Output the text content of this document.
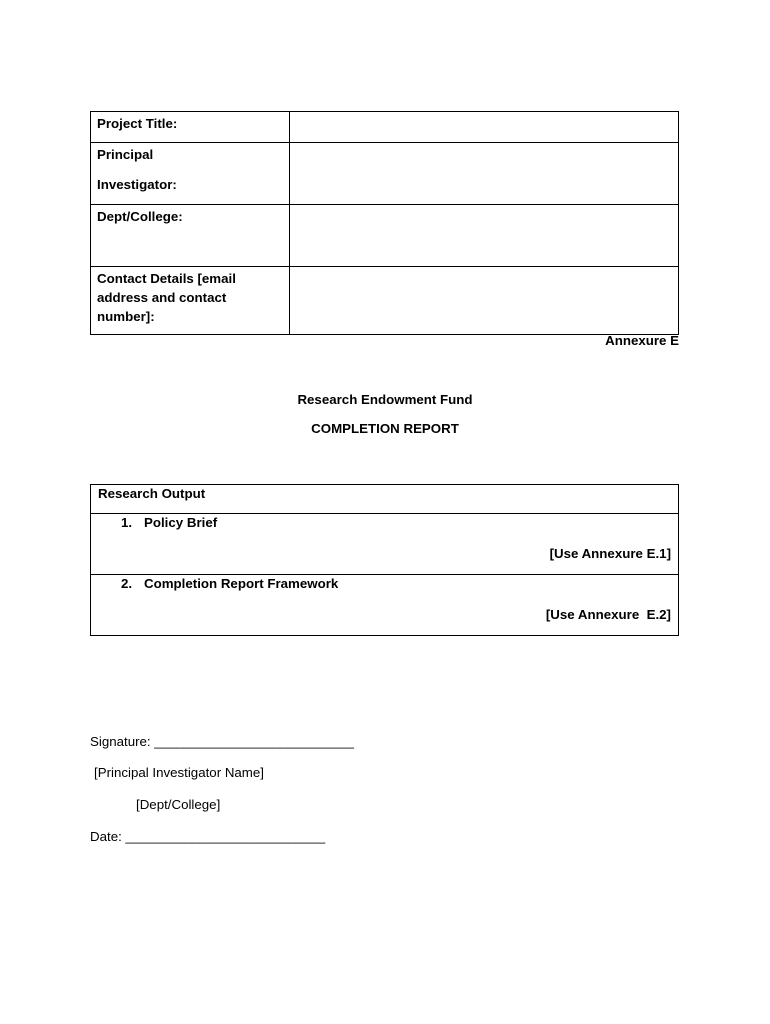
Project Title:	

Principal
Investigator:	

Dept/College:	
Contact Details [email address and contact number]:	
Annexure E
Research Endowment Fund
COMPLETION REPORT
Research Output

1. Policy Brief
[Use Annexure E.1]

2. Completion Report Framework
[Use Annexure  E.2]
Signature: ___________________________
[Principal Investigator Name]
[Dept/College]
Date: ___________________________
